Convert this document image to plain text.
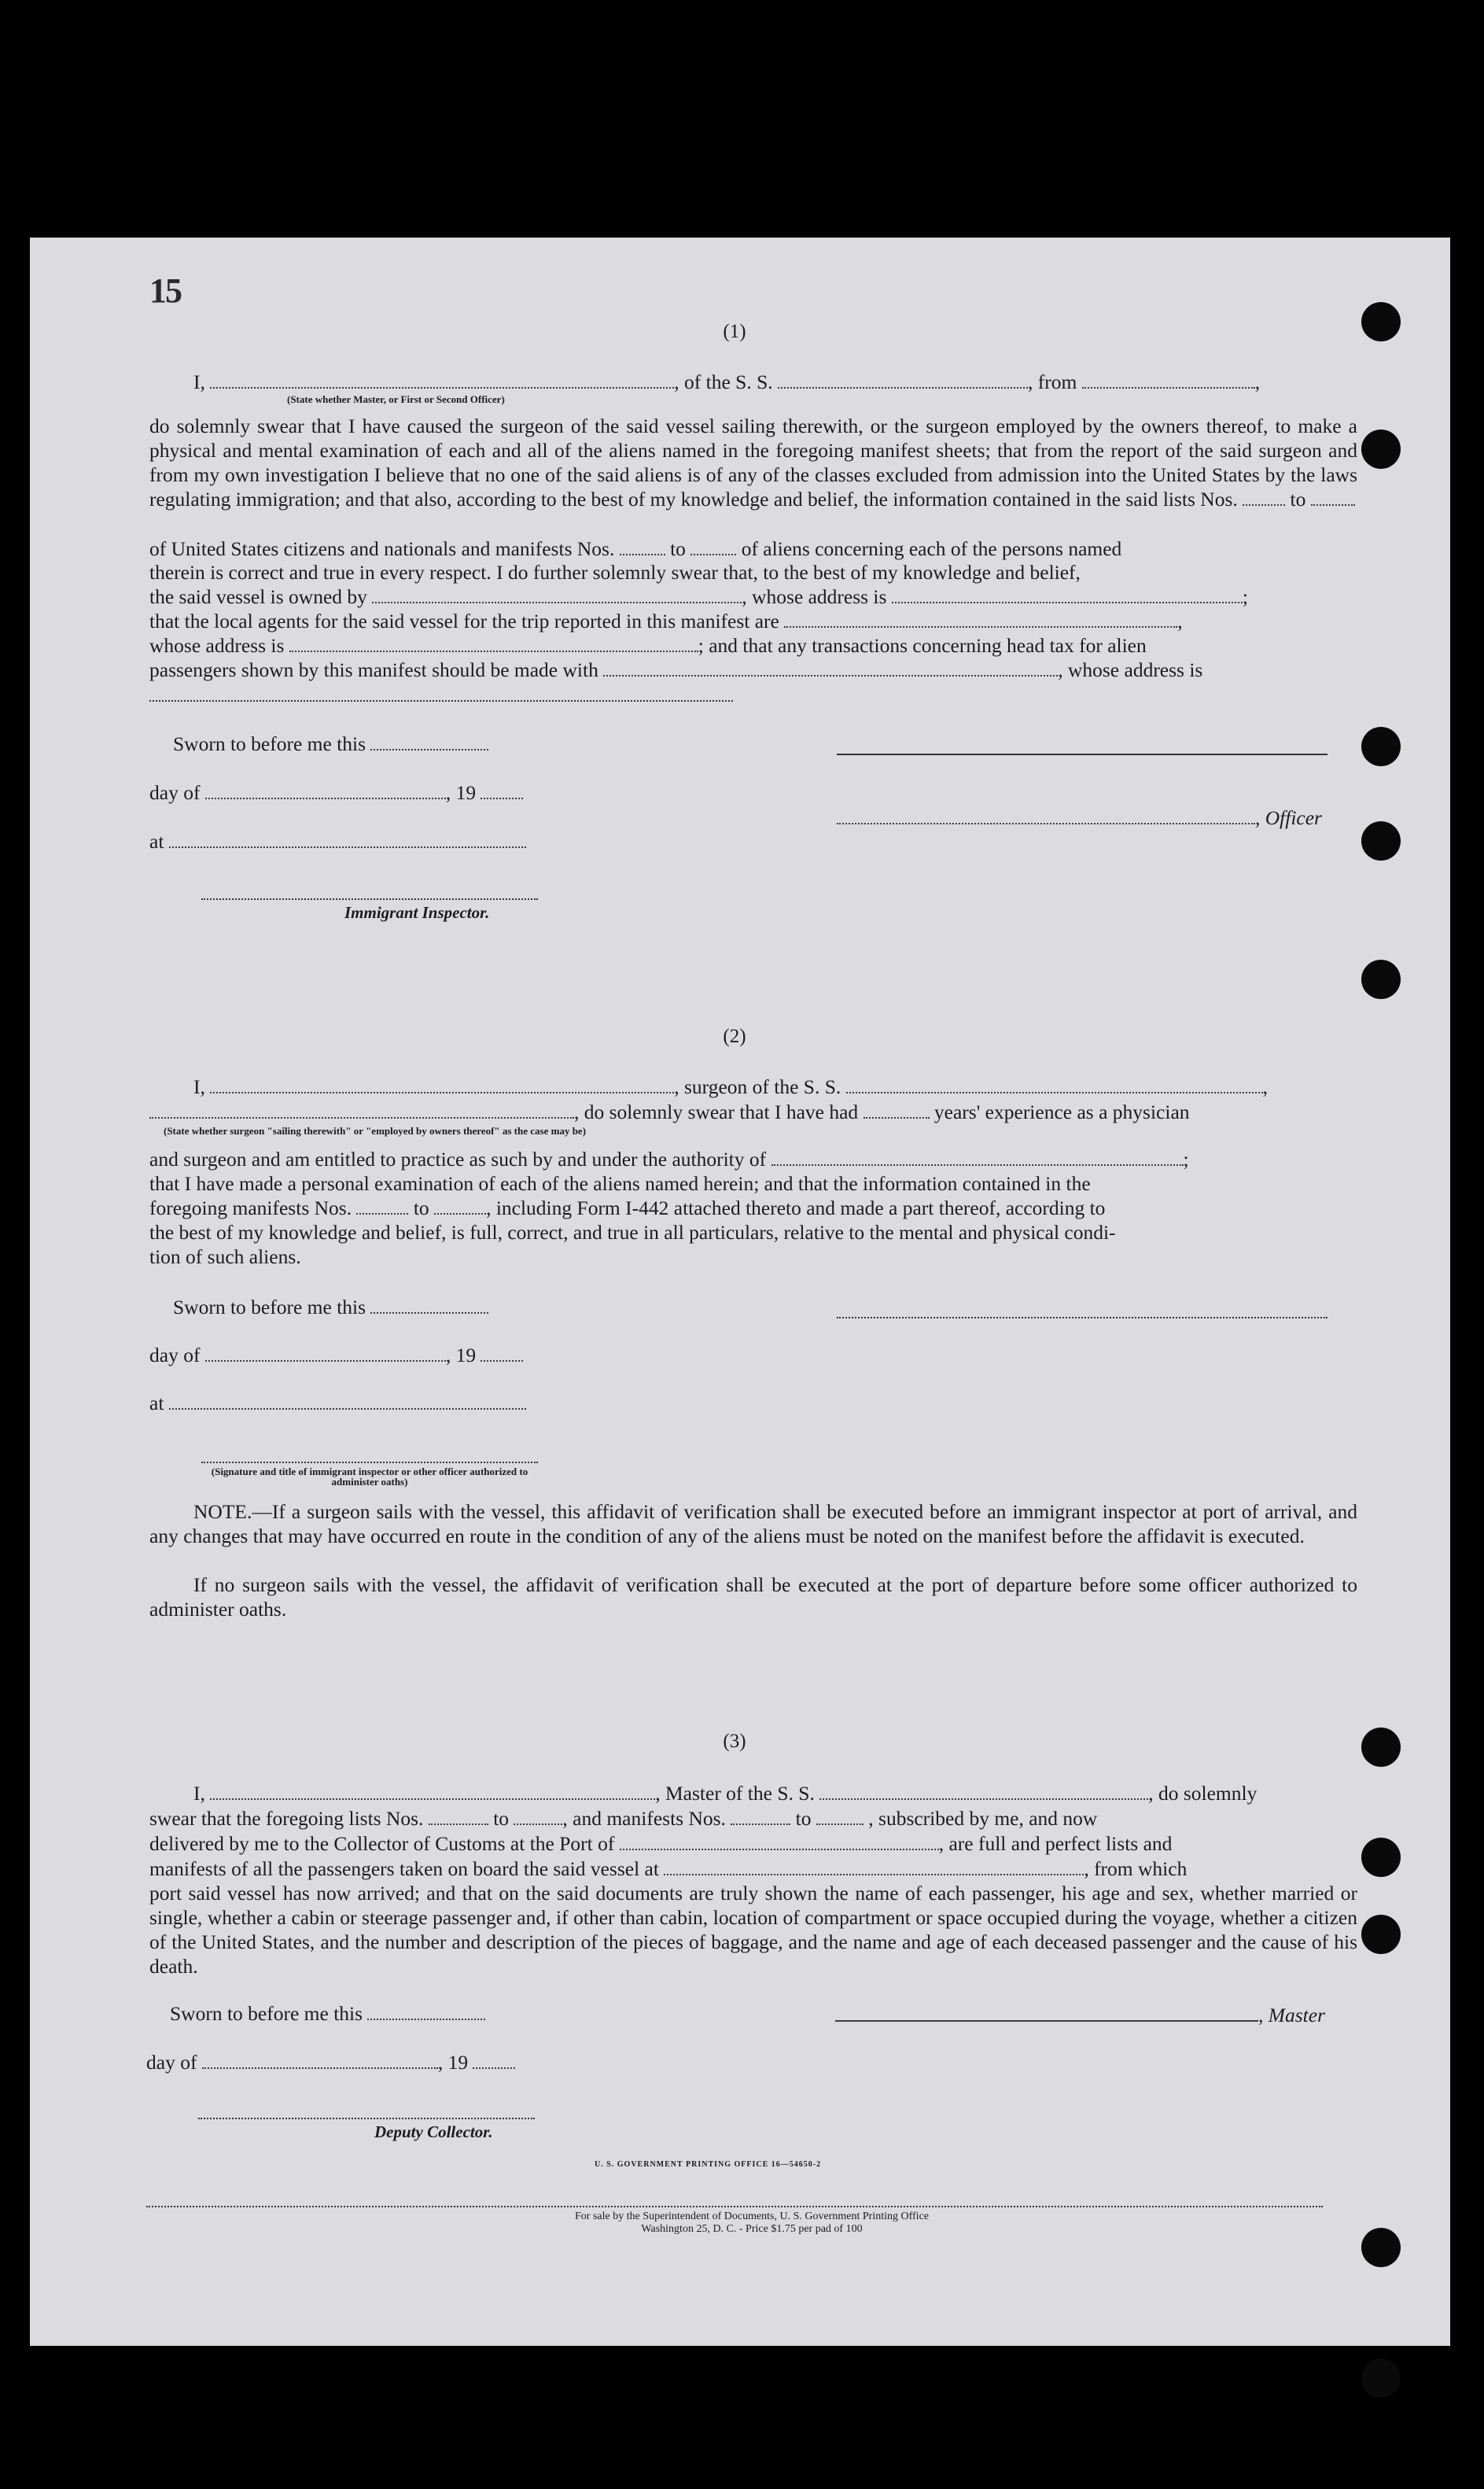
15
(1)
I,	, of the S. S.	, from	,
(State whether Master, or First or Second Officer)
do solemnly swear that I have caused the surgeon of the said vessel sailing therewith, or the surgeon employed by the owners thereof, to make a physical and mental examination of each and all of the aliens named in the foregoing manifest sheets; that from the report of the said surgeon and from my own investigation I believe that no one of the said aliens is of any of the classes excluded from admission into the United States by the laws regulating immigration; and that also, according to the best of my knowledge and belief, the information contained in the said lists Nos.	to
of United States citizens and nationals and manifests Nos.	to	of aliens concerning each of the persons named
therein is correct and true in every respect. I do further solemnly swear that, to the best of my knowledge and belief,
the said vessel is owned by	, whose address is	;
that the local agents for the said vessel for the trip reported in this manifest are	,
whose address is	; and that any transactions concerning head tax for alien
passengers shown by this manifest should be made with	, whose address is
Sworn to before me this
day of	, 19
, Officer
at
Immigrant Inspector.
(2)
I,	, surgeon of the S. S.	,
, do solemnly swear that I have had	years' experience as a physician
(State whether surgeon "sailing therewith" or "employed by owners thereof" as the case may be)
and surgeon and am entitled to practice as such by and under the authority of	;
that I have made a personal examination of each of the aliens named herein; and that the information contained in the
foregoing manifests Nos.	to	, including Form I-442 attached thereto and made a part thereof, according to
the best of my knowledge and belief, is full, correct, and true in all particulars, relative to the mental and physical condi-
tion of such aliens.
Sworn to before me this
day of	, 19
at
(Signature and title of immigrant inspector or other officer authorized to administer oaths)
NOTE.—If a surgeon sails with the vessel, this affidavit of verification shall be executed before an immigrant inspector at port of arrival, and any changes that may have occurred en route in the condition of any of the aliens must be noted on the manifest before the affidavit is executed.
If no surgeon sails with the vessel, the affidavit of verification shall be executed at the port of departure before some officer authorized to administer oaths.
(3)
I,	, Master of the S. S.	, do solemnly
swear that the foregoing lists Nos.	to	, and manifests Nos.	to	, subscribed by me, and now
delivered by me to the Collector of Customs at the Port of	, are full and perfect lists and
manifests of all the passengers taken on board the said vessel at	, from which
port said vessel has now arrived; and that on the said documents are truly shown the name of each passenger, his age and sex, whether married or single, whether a cabin or steerage passenger and, if other than cabin, location of compartment or space occupied during the voyage, whether a citizen of the United States, and the number and description of the pieces of baggage, and the name and age of each deceased passenger and the cause of his death.
Sworn to before me this	, Master
day of	, 19
Deputy Collector.
U. S. GOVERNMENT PRINTING OFFICE 16—54650-2
For sale by the Superintendent of Documents, U. S. Government Printing Office
Washington 25, D. C. - Price $1.75 per pad of 100
